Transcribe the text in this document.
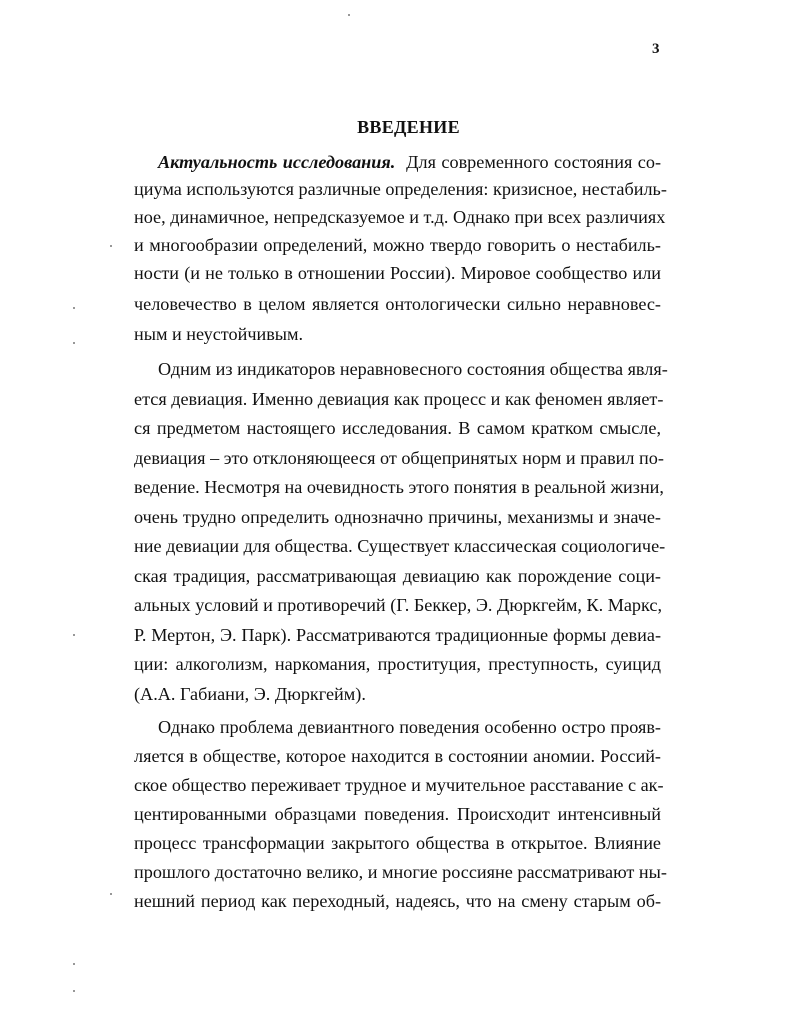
3
ВВЕДЕНИЕ
Актуальность исследования. Для современного состояния со-
циума используются различные определения: кризисное, нестабиль-
ное, динамичное, непредсказуемое и т.д. Однако при всех различиях
и многообразии определений, можно твердо говорить о нестабиль-
ности (и не только в отношении России). Мировое сообщество или
человечество в целом является онтологически сильно неравновес-
ным и неустойчивым.
Одним из индикаторов неравновесного состояния общества явля-
ется девиация. Именно девиация как процесс и как феномен являет-
ся предметом настоящего исследования. В самом кратком смысле,
девиация – это отклоняющееся от общепринятых норм и правил по-
ведение. Несмотря на очевидность этого понятия в реальной жизни,
очень трудно определить однозначно причины, механизмы и значе-
ние девиации для общества. Существует классическая социологиче-
ская традиция, рассматривающая девиацию как порождение соци-
альных условий и противоречий (Г. Беккер, Э. Дюркгейм, К. Маркс,
Р. Мертон, Э. Парк). Рассматриваются традиционные формы девиа-
ции: алкоголизм, наркомания, проституция, преступность, суицид
(А.А. Габиани, Э. Дюркгейм).
Однако проблема девиантного поведения особенно остро прояв-
ляется в обществе, которое находится в состоянии аномии. Россий-
ское общество переживает трудное и мучительное расставание с ак-
центированными образцами поведения. Происходит интенсивный
процесс трансформации закрытого общества в открытое. Влияние
прошлого достаточно велико, и многие россияне рассматривают ны-
нешний период как переходный, надеясь, что на смену старым об-
